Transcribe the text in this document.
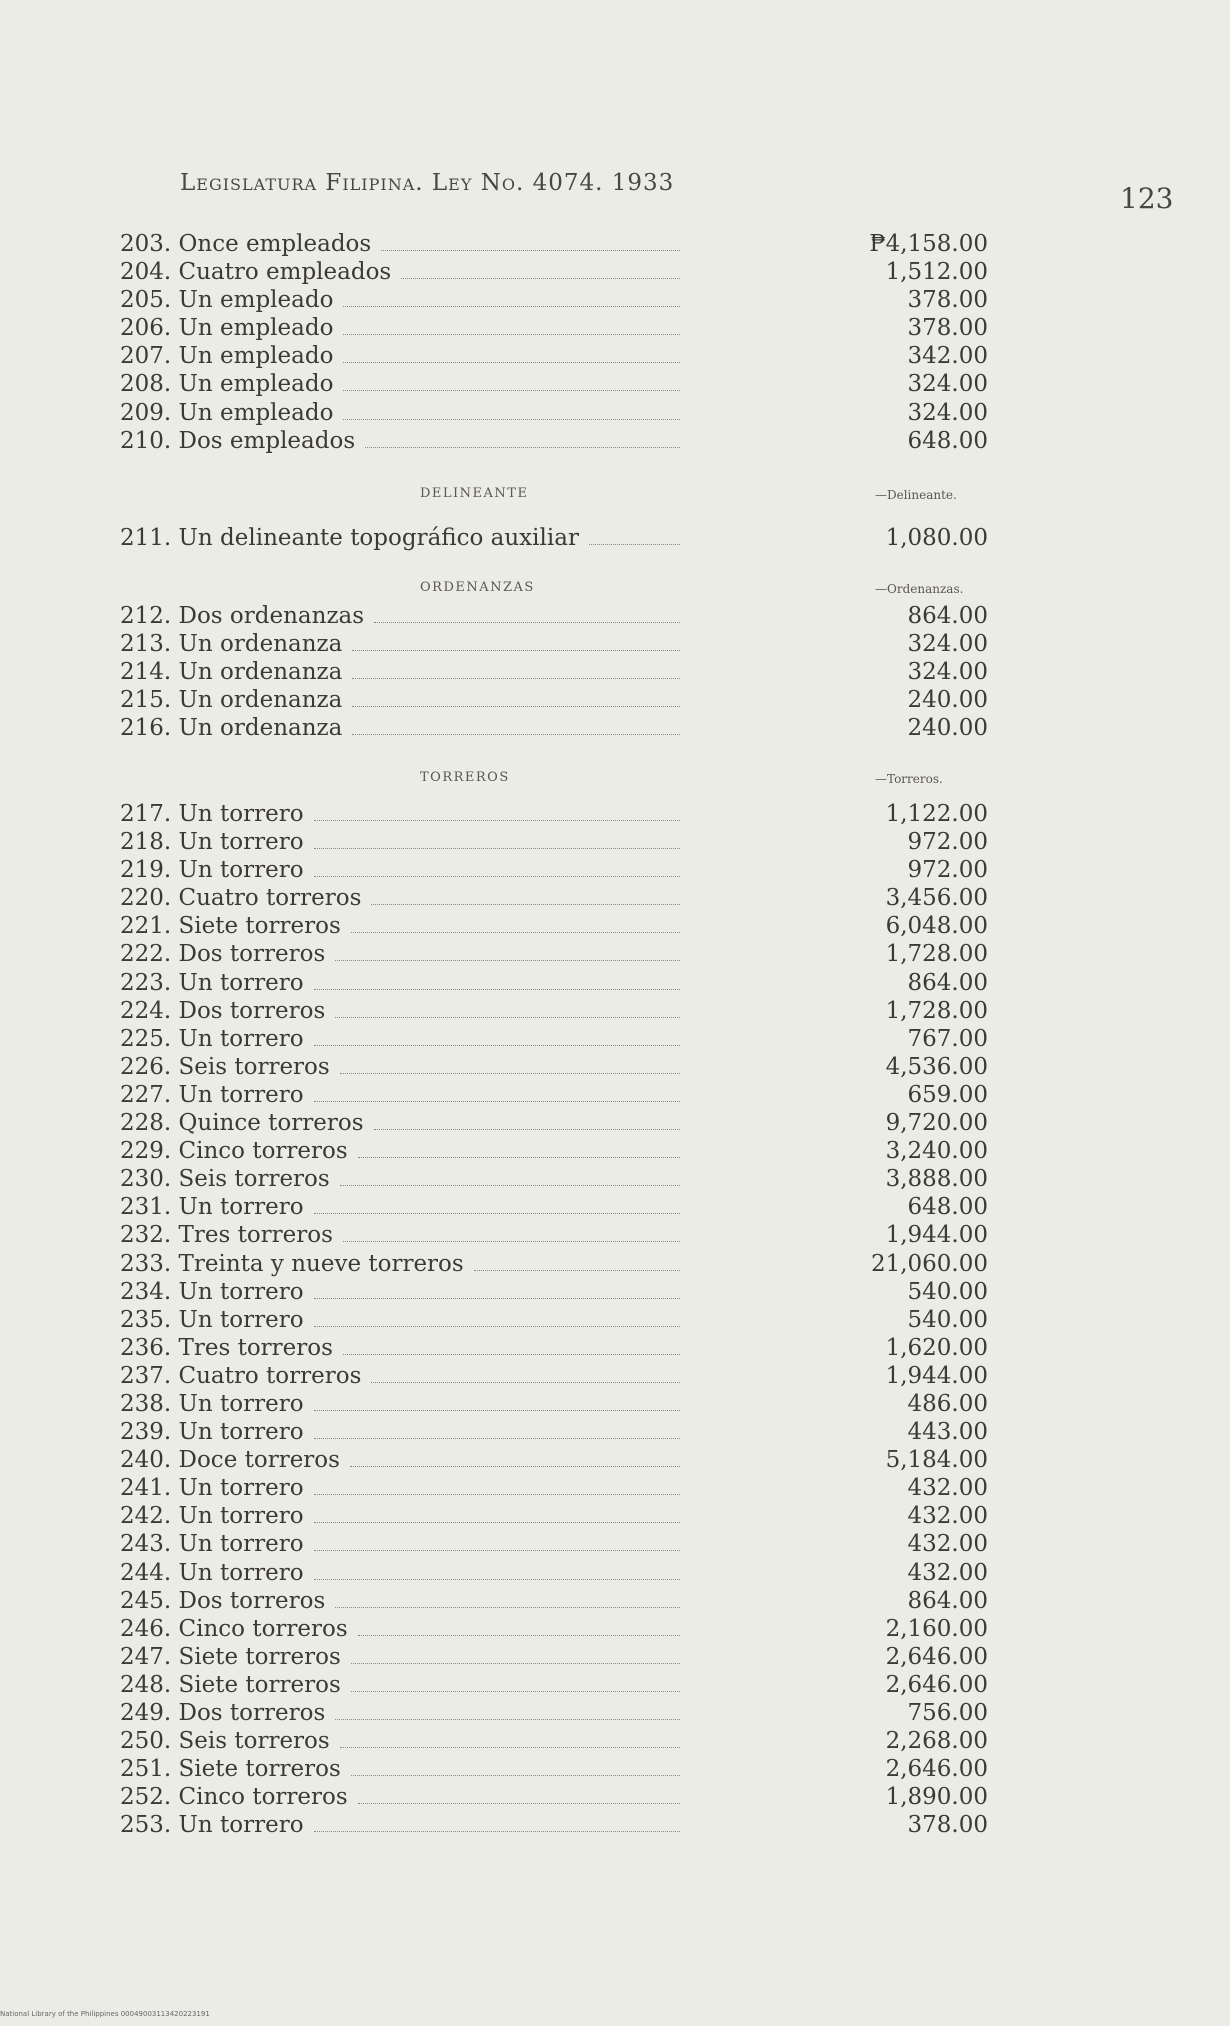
Legislatura Filipina. Ley No. 4074. 1933	123
203. Once empleados	₱4,158.00
204. Cuatro empleados	1,512.00
205. Un empleado	378.00
206. Un empleado	378.00
207. Un empleado	342.00
208. Un empleado	324.00
209. Un empleado	324.00
210. Dos empleados	648.00
DELINEANTE	—Delineante.
211. Un delineante topográfico auxiliar	1,080.00
ORDENANZAS	—Ordenanzas.
212. Dos ordenanzas	864.00
213. Un ordenanza	324.00
214. Un ordenanza	324.00
215. Un ordenanza	240.00
216. Un ordenanza	240.00
TORREROS	—Torreros.
217. Un torrero	1,122.00
218. Un torrero	972.00
219. Un torrero	972.00
220. Cuatro torreros	3,456.00
221. Siete torreros	6,048.00
222. Dos torreros	1,728.00
223. Un torrero	864.00
224. Dos torreros	1,728.00
225. Un torrero	767.00
226. Seis torreros	4,536.00
227. Un torrero	659.00
228. Quince torreros	9,720.00
229. Cinco torreros	3,240.00
230. Seis torreros	3,888.00
231. Un torrero	648.00
232. Tres torreros	1,944.00
233. Treinta y nueve torreros	21,060.00
234. Un torrero	540.00
235. Un torrero	540.00
236. Tres torreros	1,620.00
237. Cuatro torreros	1,944.00
238. Un torrero	486.00
239. Un torrero	443.00
240. Doce torreros	5,184.00
241. Un torrero	432.00
242. Un torrero	432.00
243. Un torrero	432.00
244. Un torrero	432.00
245. Dos torreros	864.00
246. Cinco torreros	2,160.00
247. Siete torreros	2,646.00
248. Siete torreros	2,646.00
249. Dos torreros	756.00
250. Seis torreros	2,268.00
251. Siete torreros	2,646.00
252. Cinco torreros	1,890.00
253. Un torrero	378.00
National Library of the Philippines 00049003113420223191
